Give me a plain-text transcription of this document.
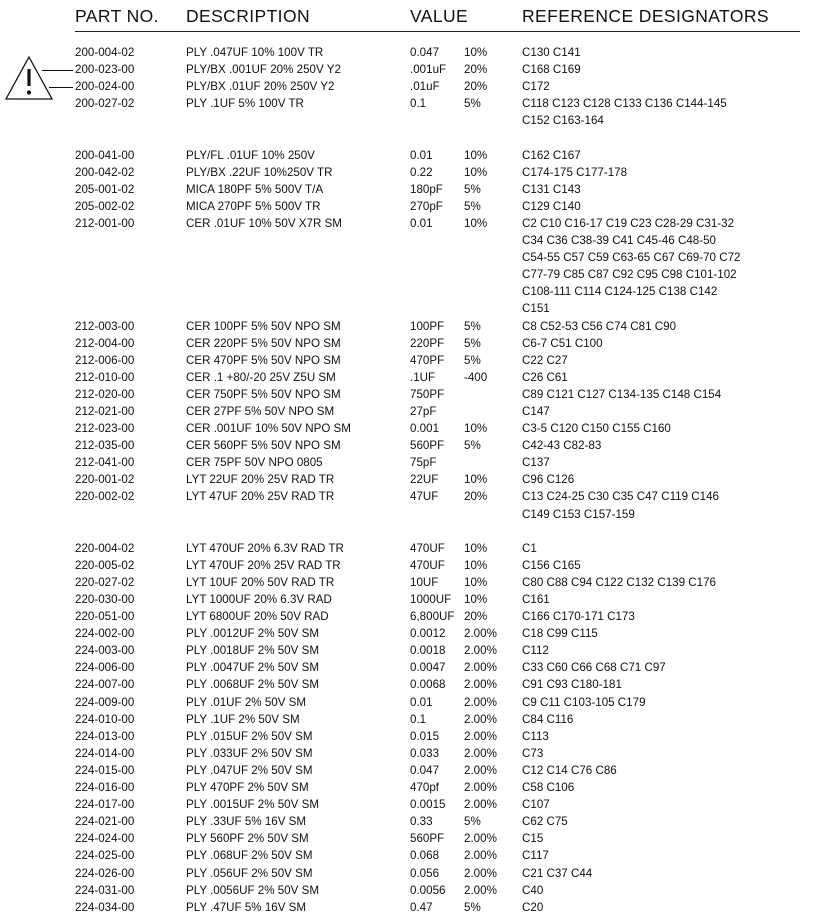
PART NO. DESCRIPTION	VALUE	REFERENCE DESIGNATORS
200-004-02	PLY .047UF 10% 100V TR	0.047 10%	C130 C141
200-023-00	PLY/BX .001UF 20% 250V Y2	.001uF 20%	C168 C169
200-024-00	PLY/BX .01UF 20% 250V Y2	.01uF 20%	C172
200-027-02	PLY .1UF 5% 100V TR	0.1	5%	C118 C123 C128 C133 C136 C144-145
C152 C163-164
200-041-00	PLY/FL .01UF 10% 250V	0.01	10%	C162 C167
200-042-02	PLY/BX .22UF 10%250V TR	0.22	10%	C174-175 C177-178
205-001-02	MICA 180PF 5% 500V T/A	180pF 5%	C131 C143
205-002-02	MICA 270PF 5% 500V TR	270pF 5%	C129 C140
212-001-00	CER .01UF 10% 50V X7R SM	0.01	10%	C2 C10 C16-17 C19 C23 C28-29 C31-32
C34 C36 C38-39 C41 C45-46 C48-50
C54-55 C57 C59 C63-65 C67 C69-70 C72
C77-79 C85 C87 C92 C95 C98 C101-102
C108-111 C114 C124-125 C138 C142
C151
212-003-00	CER 100PF 5% 50V NPO SM	100PF 5%	C8 C52-53 C56 C74 C81 C90
212-004-00	CER 220PF 5% 50V NPO SM	220PF 5%	C6-7 C51 C100
212-006-00	CER 470PF 5% 50V NPO SM	470PF 5%	C22 C27
212-010-00	CER .1 +80/-20 25V Z5U SM	.1UF -400	C26 C61
212-020-00	CER 750PF 5% 50V NPO SM	750PF	C89 C121 C127 C134-135 C148 C154
212-021-00	CER 27PF 5% 50V NPO SM	27pF	C147
212-023-00	CER .001UF 10% 50V NPO SM	0.001 10%	C3-5 C120 C150 C155 C160
212-035-00	CER 560PF 5% 50V NPO SM	560PF 5%	C42-43 C82-83
212-041-00	CER 75PF 50V NPO 0805	75pF	C137
220-001-02	LYT 22UF 20% 25V RAD TR	22UF 10%	C96 C126
220-002-02	LYT 47UF 20% 25V RAD TR	47UF 20%	C13 C24-25 C30 C35 C47 C119 C146
C149 C153 C157-159
220-004-02	LYT 470UF 20% 6.3V RAD TR	470UF 10%	C1
220-005-02	LYT 470UF 20% 25V RAD TR	470UF 10%	C156 C165
220-027-02	LYT 10UF 20% 50V RAD TR	10UF 10%	C80 C88 C94 C122 C132 C139 C176
220-030-00	LYT 1000UF 20% 6.3V RAD	1000UF 10%	C161
220-051-00	LYT 6800UF 20% 50V RAD	6,800UF 20%	C166 C170-171 C173
224-002-00	PLY .0012UF 2% 50V SM	0.0012 2.00% C18 C99 C115
224-003-00	PLY .0018UF 2% 50V SM	0.0018 2.00% C112
224-006-00	PLY .0047UF 2% 50V SM	0.0047 2.00% C33 C60 C66 C68 C71 C97
224-007-00	PLY .0068UF 2% 50V SM	0.0068 2.00% C91 C93 C180-181
224-009-00	PLY .01UF 2% 50V SM	0.01	2.00% C9 C11 C103-105 C179
224-010-00	PLY .1UF 2% 50V SM	0.1	2.00% C84 C116
224-013-00	PLY .015UF 2% 50V SM	0.015 2.00% C113
224-014-00	PLY .033UF 2% 50V SM	0.033 2.00% C73
224-015-00	PLY .047UF 2% 50V SM	0.047 2.00% C12 C14 C76 C86
224-016-00	PLY 470PF 2% 50V SM	470pf 2.00% C58 C106
224-017-00	PLY .0015UF 2% 50V SM	0.0015 2.00% C107
224-021-00	PLY .33UF 5% 16V SM	0.33	5%	C62 C75
224-024-00	PLY 560PF 2% 50V SM	560PF 2.00% C15
224-025-00	PLY .068UF 2% 50V SM	0.068 2.00% C117
224-026-00	PLY .056UF 2% 50V SM	0.056 2.00% C21 C37 C44
224-031-00	PLY .0056UF 2% 50V SM	0.0056 2.00% C40
224-034-00	PLY .47UF 5% 16V SM	0.47	5%	C20
